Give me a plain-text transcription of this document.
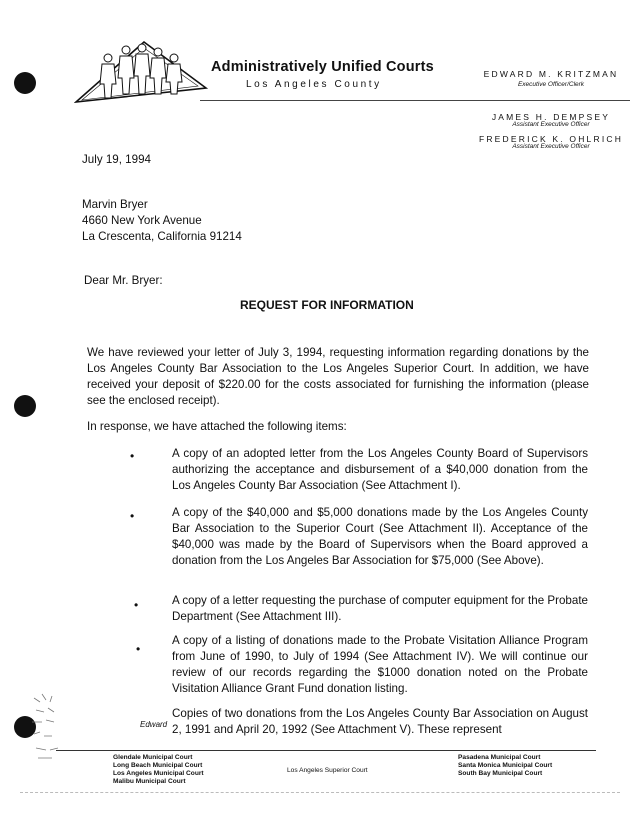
Administratively Unified Courts
Los Angeles County
EDWARD M. KRITZMAN
Executive Officer/Clerk
JAMES H. DEMPSEY
Assistant Executive Officer
FREDERICK K. OHLRICH
Assistant Executive Officer
July 19, 1994
Marvin Bryer
4660 New York Avenue
La Crescenta, California 91214
Dear Mr. Bryer:
REQUEST FOR INFORMATION
We have reviewed your letter of July 3, 1994, requesting information regarding donations by the Los Angeles County Bar Association to the Los Angeles Superior Court. In addition, we have received your deposit of $220.00 for the costs associated for furnishing the information (please see the enclosed receipt).
In response, we have attached the following items:
•	A copy of an adopted letter from the Los Angeles County Board of Supervisors authorizing the acceptance and disbursement of a $40,000 donation from the Los Angeles County Bar Association (See Attachment I).
•	A copy of the $40,000 and $5,000 donations made by the Los Angeles County Bar Association to the Superior Court (See Attachment II). Acceptance of the $40,000 was made by the Board of Supervisors when the Board approved a donation from the Los Angeles Bar Association for $75,000 (See Above).
•	A copy of a letter requesting the purchase of computer equipment for the Probate Department (See Attachment III).
•
A copy of a listing of donations made to the Probate Visitation Alliance Program from June of 1990, to July of 1994 (See Attachment IV). We will continue our review of our records regarding the $1000 donation noted on the Probate Visitation Alliance Grant Fund donation listing.
Copies of two donations from the Los Angeles County Bar Association on August 2, 1991 and April 20, 1992 (See Attachment V). These represent
Edward
Glendale Municipal Court
Long Beach Municipal Court
Los Angeles Municipal Court
Malibu Municipal Court
Los Angeles Superior Court
Pasadena Municipal Court
Santa Monica Municipal Court
South Bay Municipal Court
